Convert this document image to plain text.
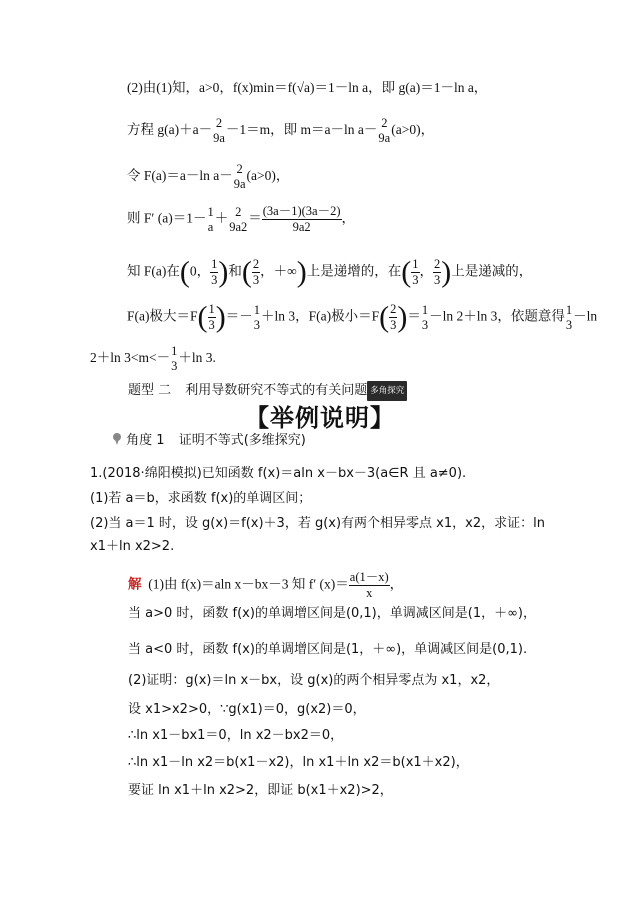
(2)由(1)知，a>0，f(x)min＝f(√a)＝1－ln a，即 g(a)＝1－ln a，
方程 g(a)＋a－ 2
9a
－1＝m，即 m＝a－ln a－ 2
9a
(a>0)，
令 F(a)＝a－ln a－ 2
9a
(a>0)，
则 F′ (a)＝1－ 1
a
＋ 2
9a2
＝ $\frac{(3a-1)(3a-2)}{9a2}$ ，
知 F(a)在(0， $\frac{1}{3}$ )和( $\frac{2}{3}$ ，＋∞)上是递增的，在( $\frac{1}{3}$ ， $\frac{2}{3}$ )上是递减的，
F(a)极大$=F( \frac{1}{3}$ )＝－ 1
3
＋ln 3，F(a)极小$=F( \frac{2}{3}$ )＝ 1
3
－ln 2＋ln 3，依题意得 1
3
－ln
2＋ln 3<m<－ 1
3
＋ln 3.
题型 二 利用导数研究不等式的有关问题 多角探究
【举例说明】
角度 1 证明不等式(多维探究)
1.(2018·绵阳模拟)已知函数 f(x)＝aln x－bx－3(a∈R 且 a≠0).
(1)若 a＝b，求函数 f(x)的单调区间；
(2)当 a＝1 时，设 g(x)＝f(x)＋3，若 g(x)有两个相异零点 x1，x2，求证：ln
x1＋ln x2>2.
解 (1)由 f(x)＝aln x－bx－3 知 f′ $(x)= \frac{a(1-x)}{x}$ ，
当 a>0 时，函数 f(x)的单调增区间是(0,1)，单调减区间是(1，＋∞)，
当 a<0 时，函数 f(x)的单调增区间是(1，＋∞)，单调减区间是(0,1).
(2)证明：g(x)＝ln x－bx，设 g(x)的两个相异零点为 x1，x2，
设 x1>x2>0，∵g(x1)＝0，g(x2)＝0，
∴ln x1－bx1＝0，ln x2－bx2＝0，
∴ln x1－ln x2＝b(x1－x2)，ln x1＋ln x2＝b(x1＋x2)，
要证 ln x1＋ln x2>2，即证 b(x1＋x2)>2，
